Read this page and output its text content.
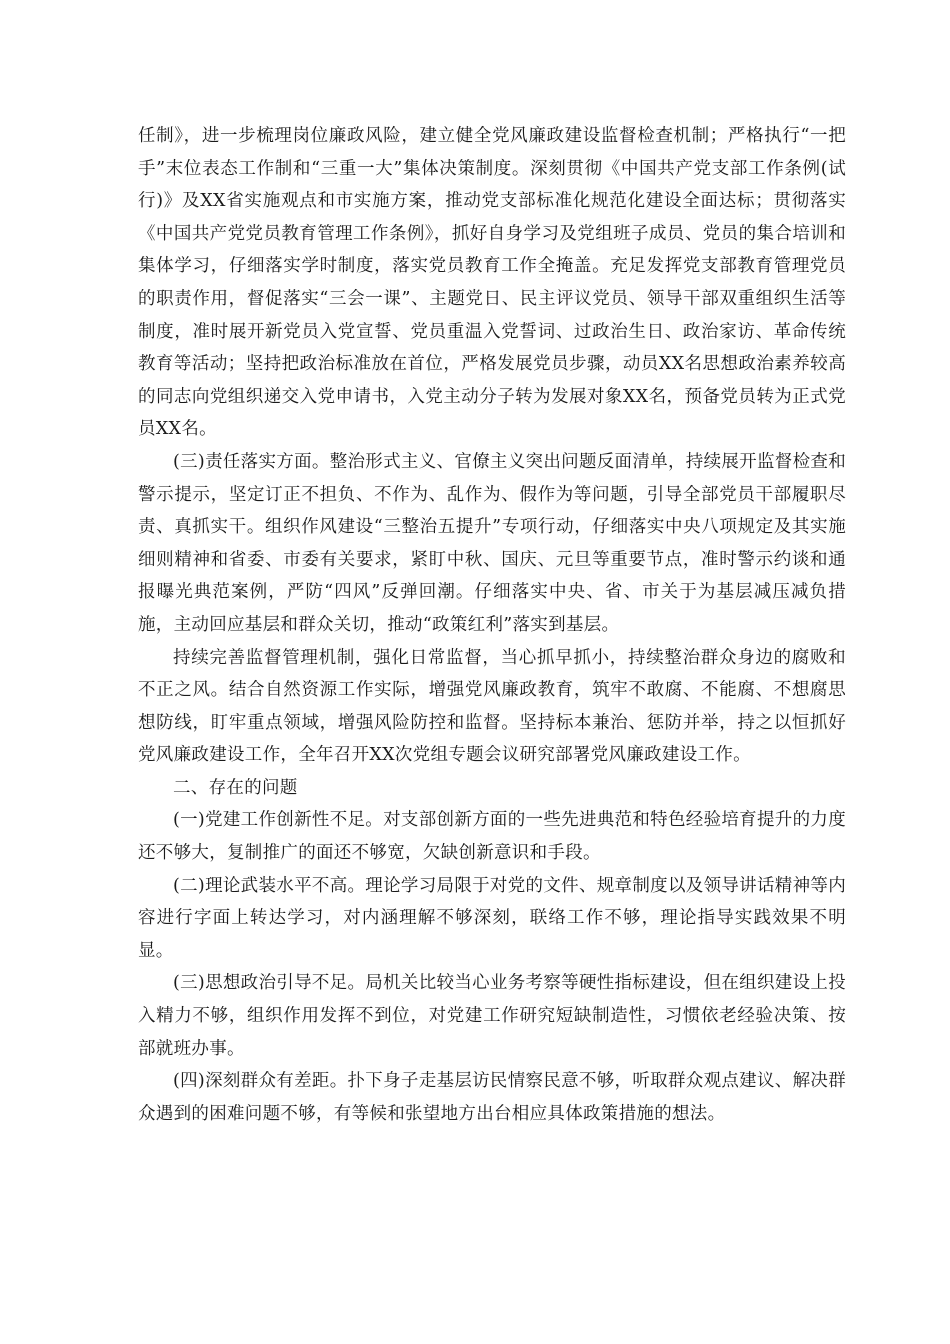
任制》，进一步梳理岗位廉政风险，建立健全党风廉政建设监督检查机制；严格执行“一把手”末位表态工作制和“三重一大”集体决策制度。深刻贯彻《中国共产党支部工作条例(试行)》及XX省实施观点和市实施方案，推动党支部标准化规范化建设全面达标；贯彻落实《中国共产党党员教育管理工作条例》，抓好自身学习及党组班子成员、党员的集合培训和集体学习，仔细落实学时制度，落实党员教育工作全掩盖。充足发挥党支部教育管理党员的职责作用，督促落实“三会一课”、主题党日、民主评议党员、领导干部双重组织生活等制度，准时展开新党员入党宣誓、党员重温入党誓词、过政治生日、政治家访、革命传统教育等活动；坚持把政治标准放在首位，严格发展党员步骤，动员XX名思想政治素养较高的同志向党组织递交入党申请书，入党主动分子转为发展对象XX名，预备党员转为正式党员XX名。

(三)责任落实方面。整治形式主义、官僚主义突出问题反面清单，持续展开监督检查和警示提示，坚定订正不担负、不作为、乱作为、假作为等问题，引导全部党员干部履职尽责、真抓实干。组织作风建设“三整治五提升”专项行动，仔细落实中央八项规定及其实施细则精神和省委、市委有关要求，紧盯中秋、国庆、元旦等重要节点，准时警示约谈和通报曝光典范案例，严防“四风”反弹回潮。仔细落实中央、省、市关于为基层减压减负措施，主动回应基层和群众关切，推动“政策红利”落实到基层。

持续完善监督管理机制，强化日常监督，当心抓早抓小，持续整治群众身边的腐败和不正之风。结合自然资源工作实际，增强党风廉政教育，筑牢不敢腐、不能腐、不想腐思想防线，盯牢重点领域，增强风险防控和监督。坚持标本兼治、惩防并举，持之以恒抓好党风廉政建设工作，全年召开XX次党组专题会议研究部署党风廉政建设工作。

二、存在的问题

(一)党建工作创新性不足。对支部创新方面的一些先进典范和特色经验培育提升的力度还不够大，复制推广的面还不够宽，欠缺创新意识和手段。

(二)理论武装水平不高。理论学习局限于对党的文件、规章制度以及领导讲话精神等内容进行字面上转达学习，对内涵理解不够深刻，联络工作不够，理论指导实践效果不明显。

(三)思想政治引导不足。局机关比较当心业务考察等硬性指标建设，但在组织建设上投入精力不够，组织作用发挥不到位，对党建工作研究短缺制造性，习惯依老经验决策、按部就班办事。

(四)深刻群众有差距。扑下身子走基层访民情察民意不够，听取群众观点建议、解决群众遇到的困难问题不够，有等候和张望地方出台相应具体政策措施的想法。
